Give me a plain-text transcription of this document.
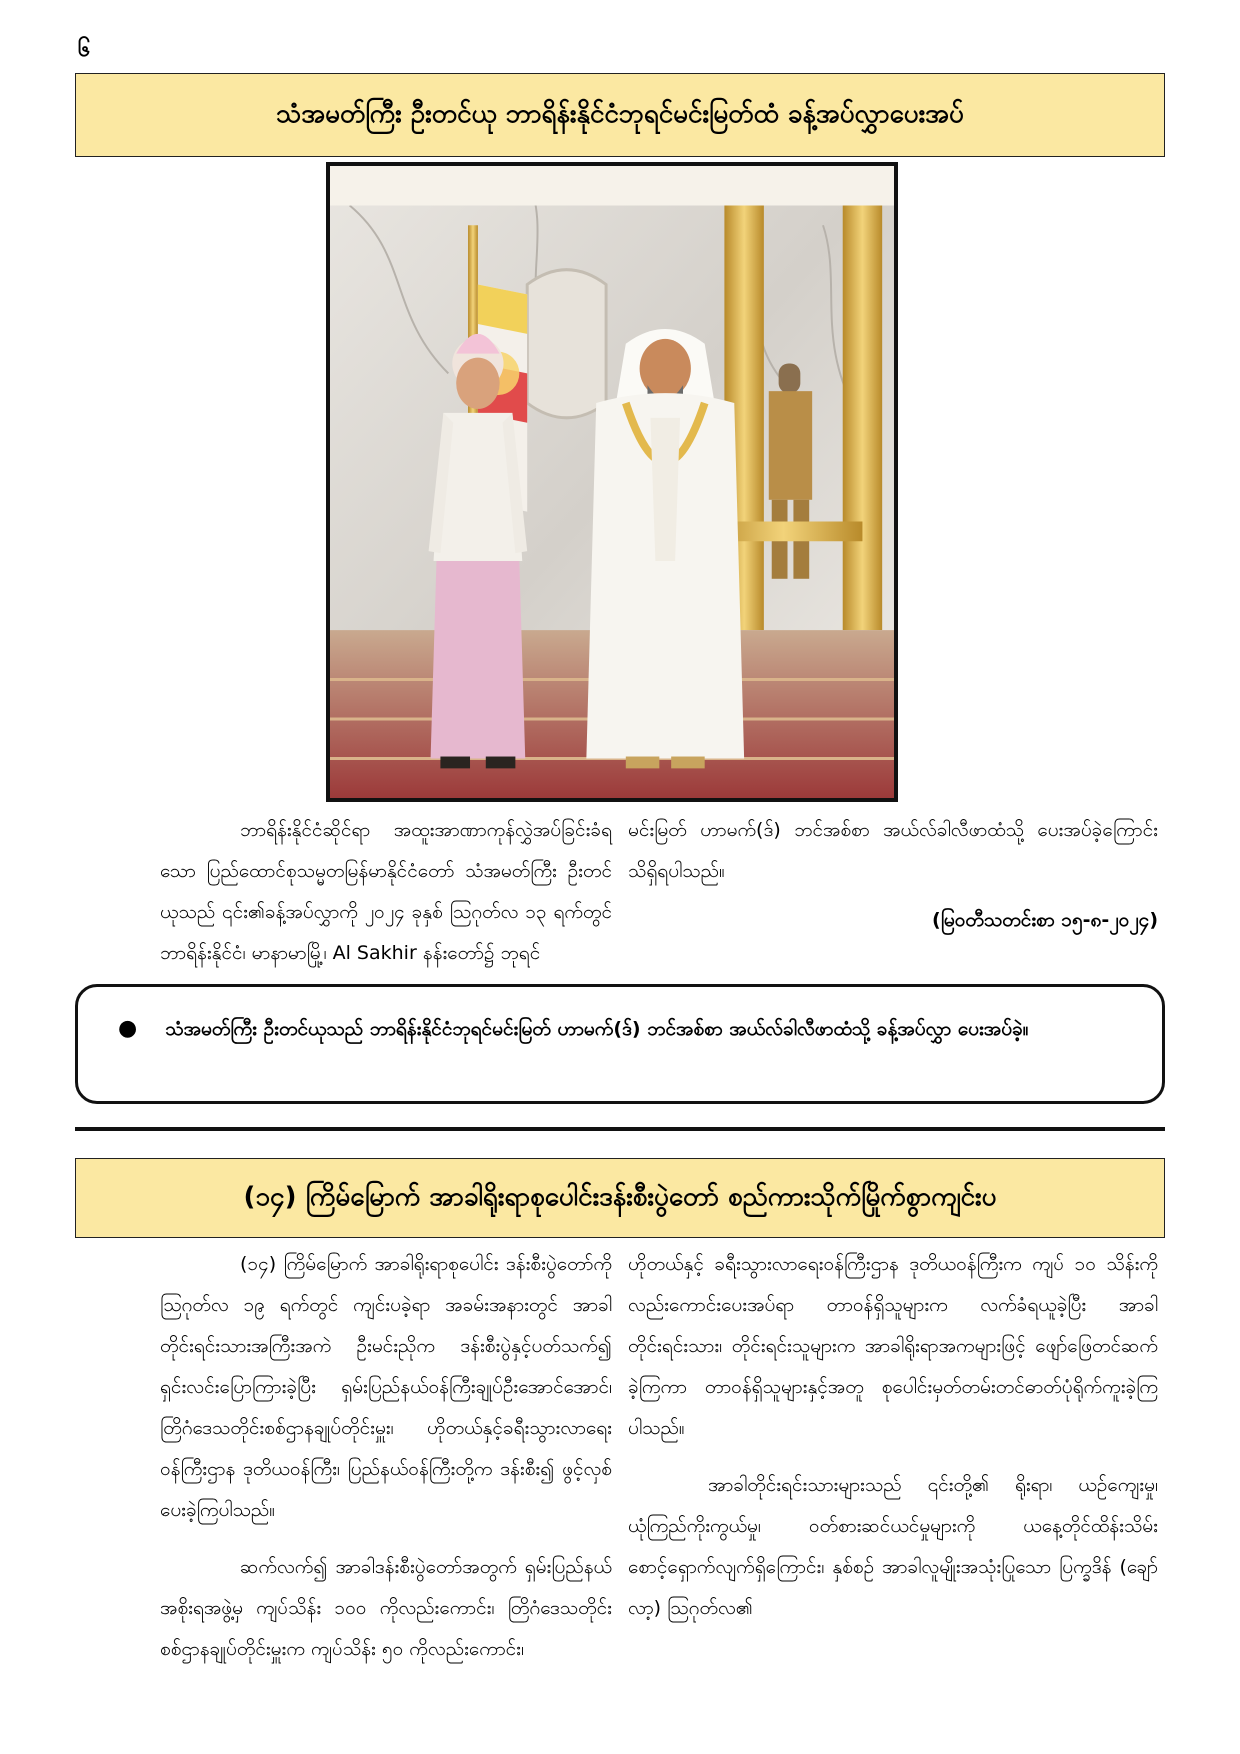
၆
သံအမတ်ကြီး ဦးတင်ယု ဘာရိန်းနိုင်ငံဘုရင်မင်းမြတ်ထံ ခန့်အပ်လွှာပေးအပ်

ဘာရိန်းနိုင်ငံဆိုင်ရာ အထူးအာဏာကုန်လွှဲအပ်ခြင်းခံရသော ပြည်ထောင်စုသမ္မတမြန်မာနိုင်ငံတော် သံအမတ်ကြီး ဦးတင်ယုသည် ၎င်း၏ခန့်အပ်လွှာကို ၂၀၂၄ ခုနှစ် ဩဂုတ်လ ၁၃ ရက်တွင် ဘာရိန်းနိုင်ငံ၊ မာနာမာမြို့၊ Al Sakhir နန်းတော်၌ ဘုရင်

မင်းမြတ် ဟာမက်(ဒ်) ဘင်အစ်စာ အယ်လ်ခါလီဖာထံသို့ ပေးအပ်ခဲ့ကြောင်း သိရှိရပါသည်။

(မြဝတီသတင်းစာ ၁၅-၈-၂၀၂၄)
● သံအမတ်ကြီး ဦးတင်ယုသည် ဘာရိန်းနိုင်ငံဘုရင်မင်းမြတ် ဟာမက်(ဒ်) ဘင်အစ်စာ အယ်လ်ခါလီဖာထံသို့ ခန့်အပ်လွှာ ပေးအပ်ခဲ့။
(၁၄) ကြိမ်မြောက် အာခါရိုးရာစုပေါင်းဒန်းစီးပွဲတော် စည်ကားသိုက်မြိုက်စွာကျင်းပ

(၁၄) ကြိမ်မြောက် အာခါရိုးရာစုပေါင်း ဒန်းစီးပွဲတော်ကို ဩဂုတ်လ ၁၉ ရက်တွင် ကျင်းပခဲ့ရာ အခမ်းအနားတွင် အာခါတိုင်းရင်းသားအကြီးအကဲ ဦးမင်းညိုက ဒန်းစီးပွဲနှင့်ပတ်သက်၍ ရှင်းလင်းပြောကြားခဲ့ပြီး ရှမ်းပြည်နယ်ဝန်ကြီးချုပ်ဦးအောင်အောင်၊ တြိဂံဒေသတိုင်းစစ်ဌာနချုပ်တိုင်းမှူး၊ ဟိုတယ်နှင့်ခရီးသွားလာရေးဝန်ကြီးဌာန ဒုတိယဝန်ကြီး၊ ပြည်နယ်ဝန်ကြီးတို့က ဒန်းစီး၍ ဖွင့်လှစ်ပေးခဲ့ကြပါသည်။

ဆက်လက်၍ အာခါဒန်းစီးပွဲတော်အတွက် ရှမ်းပြည်နယ်အစိုးရအဖွဲ့မှ ကျပ်သိန်း ၁၀၀ ကိုလည်းကောင်း၊ တြိဂံဒေသတိုင်းစစ်ဌာနချုပ်တိုင်းမှူးက ကျပ်သိန်း ၅၀ ကိုလည်းကောင်း၊

ဟိုတယ်နှင့် ခရီးသွားလာရေးဝန်ကြီးဌာန ဒုတိယဝန်ကြီးက ကျပ် ၁၀ သိန်းကိုလည်းကောင်းပေးအပ်ရာ တာဝန်ရှိသူများက လက်ခံရယူခဲ့ပြီး အာခါတိုင်းရင်းသား၊ တိုင်းရင်းသူများက အာခါရိုးရာအကများဖြင့် ဖျော်ဖြေတင်ဆက်ခဲ့ကြကာ တာဝန်ရှိသူများနှင့်အတူ စုပေါင်းမှတ်တမ်းတင်ဓာတ်ပုံရိုက်ကူးခဲ့ကြပါသည်။

အာခါတိုင်းရင်းသားများသည် ၎င်းတို့၏ ရိုးရာ၊ ယဉ်ကျေးမှု၊ ယုံကြည်ကိုးကွယ်မှု၊ ဝတ်စားဆင်ယင်မှုများကို ယနေ့တိုင်ထိန်းသိမ်းစောင့်ရှောက်လျက်ရှိကြောင်း၊ နှစ်စဉ် အာခါလူမျိုးအသုံးပြုသော ပြက္ခဒိန် (ချော်လာ့) ဩဂုတ်လ၏
